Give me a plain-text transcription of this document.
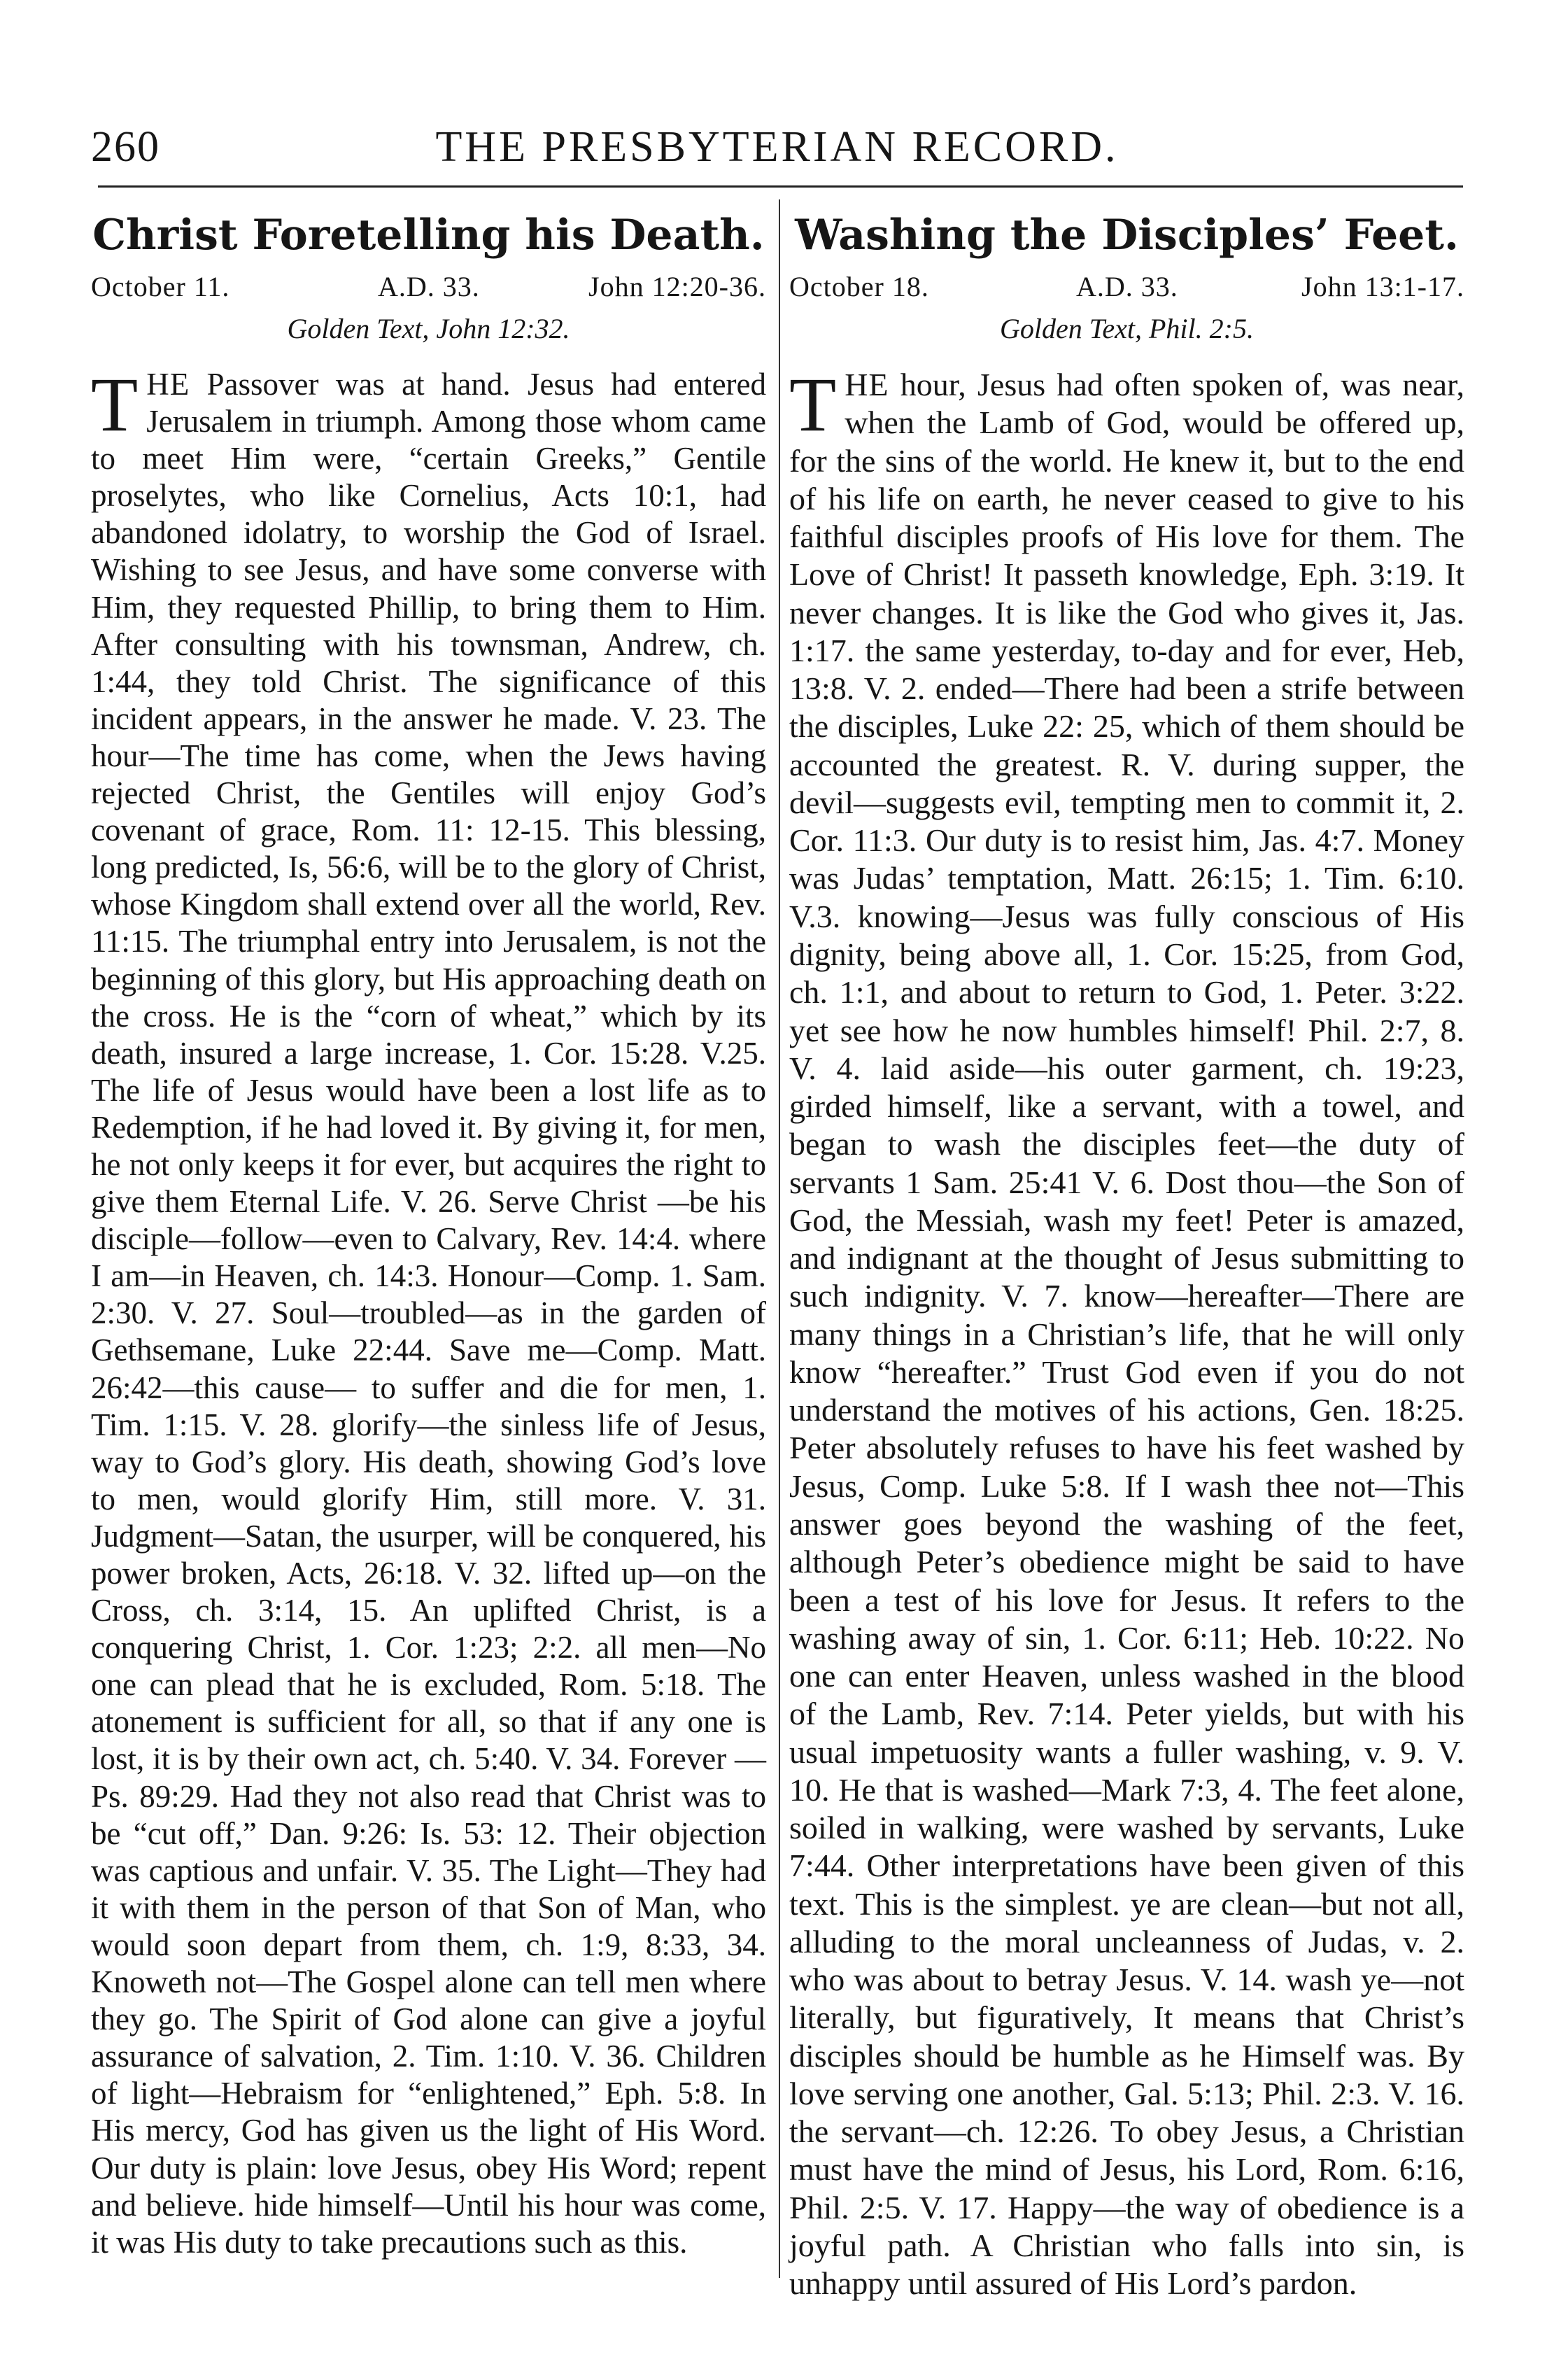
260	THE PRESBYTERIAN RECORD.
Christ Foretelling his Death.
October 11.	A.D. 33.	John 12:20-36.

Golden Text, John 12:32.

THE Passover was at hand. Jesus had entered Jerusalem in triumph. Among those whom came to meet Him were, “certain Greeks,” Gentile proselytes, who like Cornelius, Acts 10:1, had abandoned idolatry, to worship the God of Israel. Wishing to see Jesus, and have some converse with Him, they requested Phillip, to bring them to Him. After consulting with his townsman, Andrew, ch. 1:44, they told Christ. The significance of this incident appears, in the answer he made. V. 23. The hour—The time has come, when the Jews having rejected Christ, the Gentiles will enjoy God’s covenant of grace, Rom. 11: 12-15. This blessing, long predicted, Is, 56:6, will be to the glory of Christ, whose Kingdom shall extend over all the world, Rev. 11:15. The triumphal entry into Jerusalem, is not the beginning of this glory, but His approaching death on the cross. He is the “corn of wheat,” which by its death, insured a large increase, 1. Cor. 15:28. V.25. The life of Jesus would have been a lost life as to Redemption, if he had loved it. By giving it, for men, he not only keeps it for ever, but acquires the right to give them Eternal Life. V. 26. Serve Christ —be his disciple—follow—even to Calvary, Rev. 14:4. where I am—in Heaven, ch. 14:3. Honour—Comp. 1. Sam. 2:30. V. 27. Soul—troubled—as in the garden of Gethsemane, Luke 22:44. Save me—Comp. Matt. 26:42—this cause— to suffer and die for men, 1. Tim. 1:15. V. 28. glorify—the sinless life of Jesus, way to God’s glory. His death, showing God’s love to men, would glorify Him, still more. V. 31. Judgment—Satan, the usurper, will be conquered, his power broken, Acts, 26:18. V. 32. lifted up—on the Cross, ch. 3:14, 15. An uplifted Christ, is a conquering Christ, 1. Cor. 1:23; 2:2. all men—No one can plead that he is excluded, Rom. 5:18. The atonement is sufficient for all, so that if any one is lost, it is by their own act, ch. 5:40. V. 34. Forever —Ps. 89:29. Had they not also read that Christ was to be “cut off,” Dan. 9:26: Is. 53: 12. Their objection was captious and unfair. V. 35. The Light—They had it with them in the person of that Son of Man, who would soon depart from them, ch. 1:9, 8:33, 34. Knoweth not—The Gospel alone can tell men where they go. The Spirit of God alone can give a joyful assurance of salvation, 2. Tim. 1:10. V. 36. Children of light—Hebraism for “enlightened,” Eph. 5:8. In His mercy, God has given us the light of His Word. Our duty is plain: love Jesus, obey His Word; repent and believe. hide himself—Until his hour was come, it was His duty to take precautions such as this.

Washing the Disciples’ Feet.
October 18.	A.D. 33.	John 13:1-17.

Golden Text, Phil. 2:5.

THE hour, Jesus had often spoken of, was near, when the Lamb of God, would be offered up, for the sins of the world. He knew it, but to the end of his life on earth, he never ceased to give to his faithful disciples proofs of His love for them. The Love of Christ! It passeth knowledge, Eph. 3:19. It never changes. It is like the God who gives it, Jas. 1:17. the same yesterday, to-day and for ever, Heb, 13:8. V. 2. ended—There had been a strife between the disciples, Luke 22: 25, which of them should be accounted the greatest. R. V. during supper, the devil—suggests evil, tempting men to commit it, 2. Cor. 11:3. Our duty is to resist him, Jas. 4:7. Money was Judas’ temptation, Matt. 26:15; 1. Tim. 6:10. V.3. knowing—Jesus was fully conscious of His dignity, being above all, 1. Cor. 15:25, from God, ch. 1:1, and about to return to God, 1. Peter. 3:22. yet see how he now humbles himself! Phil. 2:7, 8. V. 4. laid aside—his outer garment, ch. 19:23, girded himself, like a servant, with a towel, and began to wash the disciples feet—the duty of servants 1 Sam. 25:41 V. 6. Dost thou—the Son of God, the Messiah, wash my feet! Peter is amazed, and indignant at the thought of Jesus submitting to such indignity. V. 7. know—hereafter—There are many things in a Christian’s life, that he will only know “hereafter.” Trust God even if you do not understand the motives of his actions, Gen. 18:25. Peter absolutely refuses to have his feet washed by Jesus, Comp. Luke 5:8. If I wash thee not—This answer goes beyond the washing of the feet, although Peter’s obedience might be said to have been a test of his love for Jesus. It refers to the washing away of sin, 1. Cor. 6:11; Heb. 10:22. No one can enter Heaven, unless washed in the blood of the Lamb, Rev. 7:14. Peter yields, but with his usual impetuosity wants a fuller washing, v. 9. V. 10. He that is washed—Mark 7:3, 4. The feet alone, soiled in walking, were washed by servants, Luke 7:44. Other interpretations have been given of this text. This is the simplest. ye are clean—but not all, alluding to the moral uncleanness of Judas, v. 2. who was about to betray Jesus. V. 14. wash ye—not literally, but figuratively, It means that Christ’s disciples should be humble as he Himself was. By love serving one another, Gal. 5:13; Phil. 2:3. V. 16. the servant—ch. 12:26. To obey Jesus, a Christian must have the mind of Jesus, his Lord, Rom. 6:16, Phil. 2:5. V. 17. Happy—the way of obedience is a joyful path. A Christian who falls into sin, is unhappy until assured of His Lord’s pardon.
